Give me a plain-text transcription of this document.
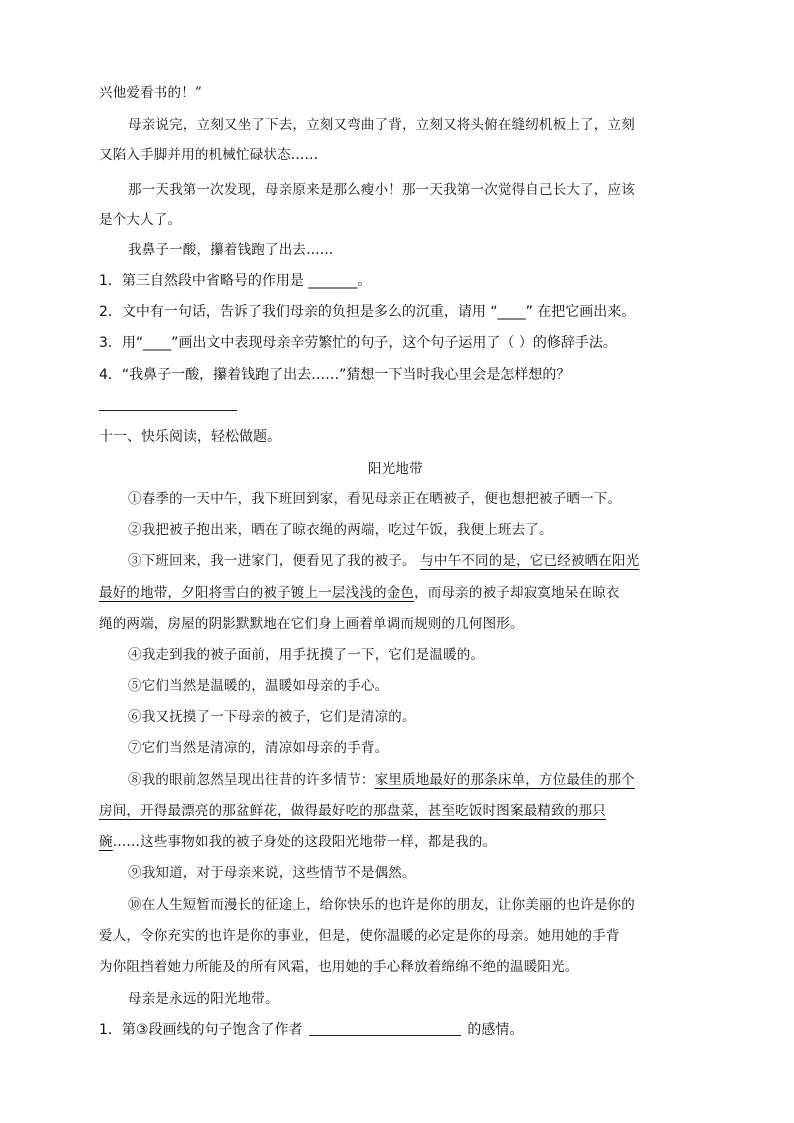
兴他爱看书的！”
母亲说完，立刻又坐了下去，立刻又弯曲了背，立刻又将头俯在缝纫机板上了，立刻
又陷入手脚并用的机械忙碌状态……
那一天我第一次发现，母亲原来是那么瘦小！那一天我第一次觉得自己长大了，应该
是个大人了。
我鼻子一酸，攥着钱跑了出去……
1．第三自然段中省略号的作用是 _______。
2．文中有一句话，告诉了我们母亲的负担是多么的沉重，请用 “____” 在把它画出来。
3．用“____”画出文中表现母亲辛劳繁忙的句子，这个句子运用了（ ）的修辞手法。
4．“我鼻子一酸，攥着钱跑了出去……”猜想一下当时我心里会是怎样想的？
十一、快乐阅读，轻松做题。
阳光地带
①春季的一天中午，我下班回到家，看见母亲正在晒被子，便也想把被子晒一下。
②我把被子抱出来，晒在了晾衣绳的两端，吃过午饭，我便上班去了。
③下班回来，我一进家门，便看见了我的被子。 与中午不同的是，它已经被晒在阳光
最好的地带，夕阳将雪白的被子镀上一层浅浅的金色，而母亲的被子却寂寞地呆在晾衣
绳的两端，房屋的阴影默默地在它们身上画着单调而规则的几何图形。
④我走到我的被子面前，用手抚摸了一下，它们是温暖的。
⑤它们当然是温暖的，温暖如母亲的手心。
⑥我又抚摸了一下母亲的被子，它们是清凉的。
⑦它们当然是清凉的，清凉如母亲的手背。
⑧我的眼前忽然呈现出往昔的许多情节：家里质地最好的那条床单，方位最佳的那个
房间，开得最漂亮的那盆鲜花，做得最好吃的那盘菜，甚至吃饭时图案最精致的那只
碗……这些事物如我的被子身处的这段阳光地带一样，都是我的。
⑨我知道，对于母亲来说，这些情节不是偶然。
⑩在人生短暂而漫长的征途上，给你快乐的也许是你的朋友，让你美丽的也许是你的
爱人，令你充实的也许是你的事业，但是，使你温暖的必定是你的母亲。她用她的手背
为你阻挡着她力所能及的所有风霜，也用她的手心释放着绵绵不绝的温暖阳光。
母亲是永远的阳光地带。
1．第③段画线的句子饱含了作者	的感情。
